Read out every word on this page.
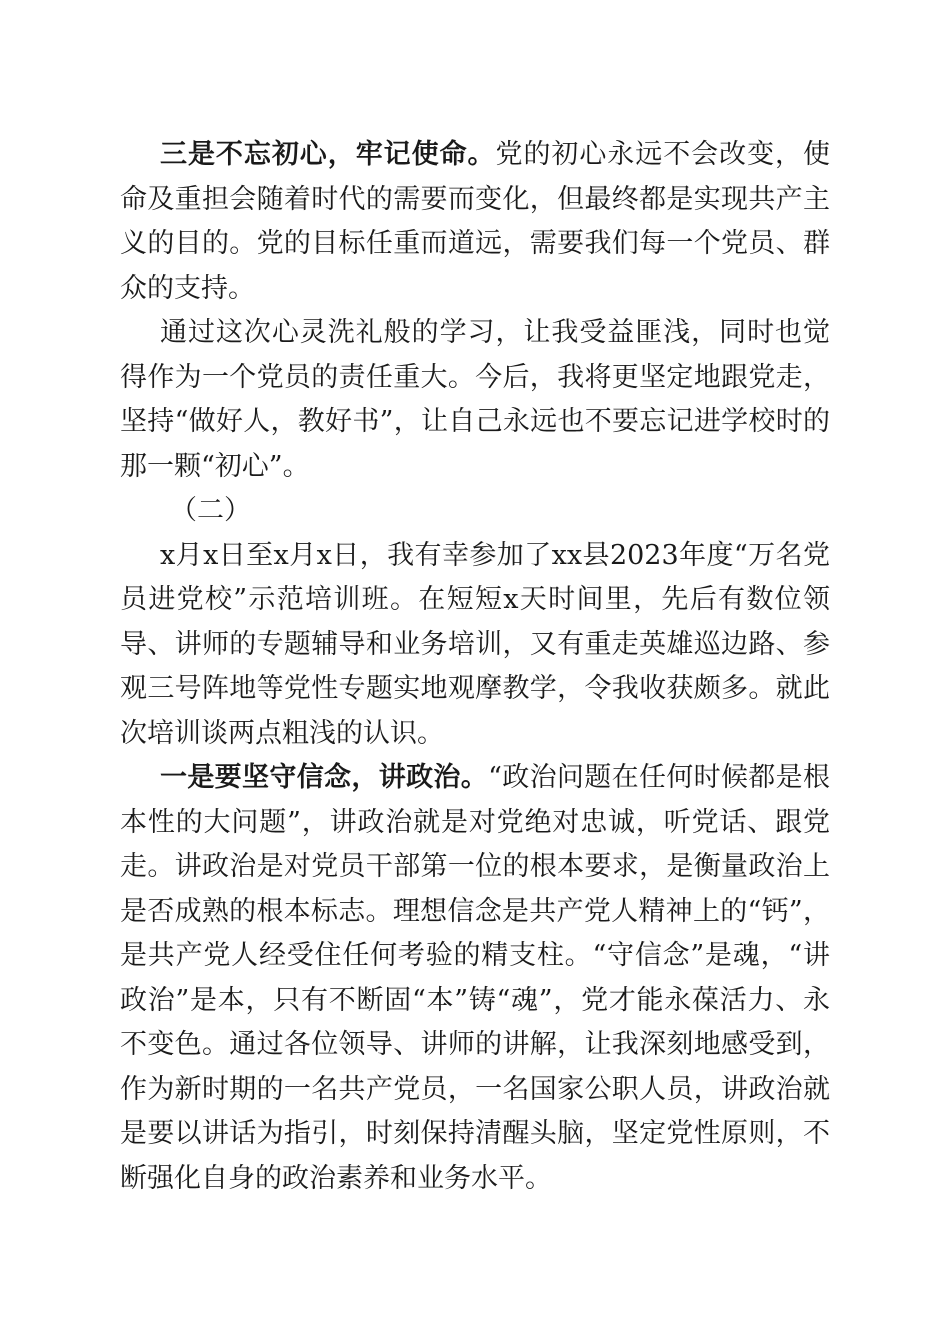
三是不忘初心，牢记使命。党的初心永远不会改变，使命及重担会随着时代的需要而变化，但最终都是实现共产主义的目的。党的目标任重而道远，需要我们每一个党员、群众的支持。

通过这次心灵洗礼般的学习，让我受益匪浅，同时也觉得作为一个党员的责任重大。今后，我将更坚定地跟党走，坚持“做好人，教好书”，让自己永远也不要忘记进学校时的那一颗“初心”。

（二）

x月x日至x月x日，我有幸参加了xx县2023年度“万名党员进党校”示范培训班。在短短x天时间里，先后有数位领导、讲师的专题辅导和业务培训，又有重走英雄巡边路、参观三号阵地等党性专题实地观摩教学，令我收获颇多。就此次培训谈两点粗浅的认识。

一是要坚守信念，讲政治。“政治问题在任何时候都是根本性的大问题”，讲政治就是对党绝对忠诚，听党话、跟党走。讲政治是对党员干部第一位的根本要求，是衡量政治上是否成熟的根本标志。理想信念是共产党人精神上的“钙”，是共产党人经受住任何考验的精支柱。“守信念”是魂，“讲政治”是本，只有不断固“本”铸“魂”，党才能永葆活力、永不变色。通过各位领导、讲师的讲解，让我深刻地感受到，作为新时期的一名共产党员，一名国家公职人员，讲政治就是要以讲话为指引，时刻保持清醒头脑，坚定党性原则，不断强化自身的政治素养和业务水平。
